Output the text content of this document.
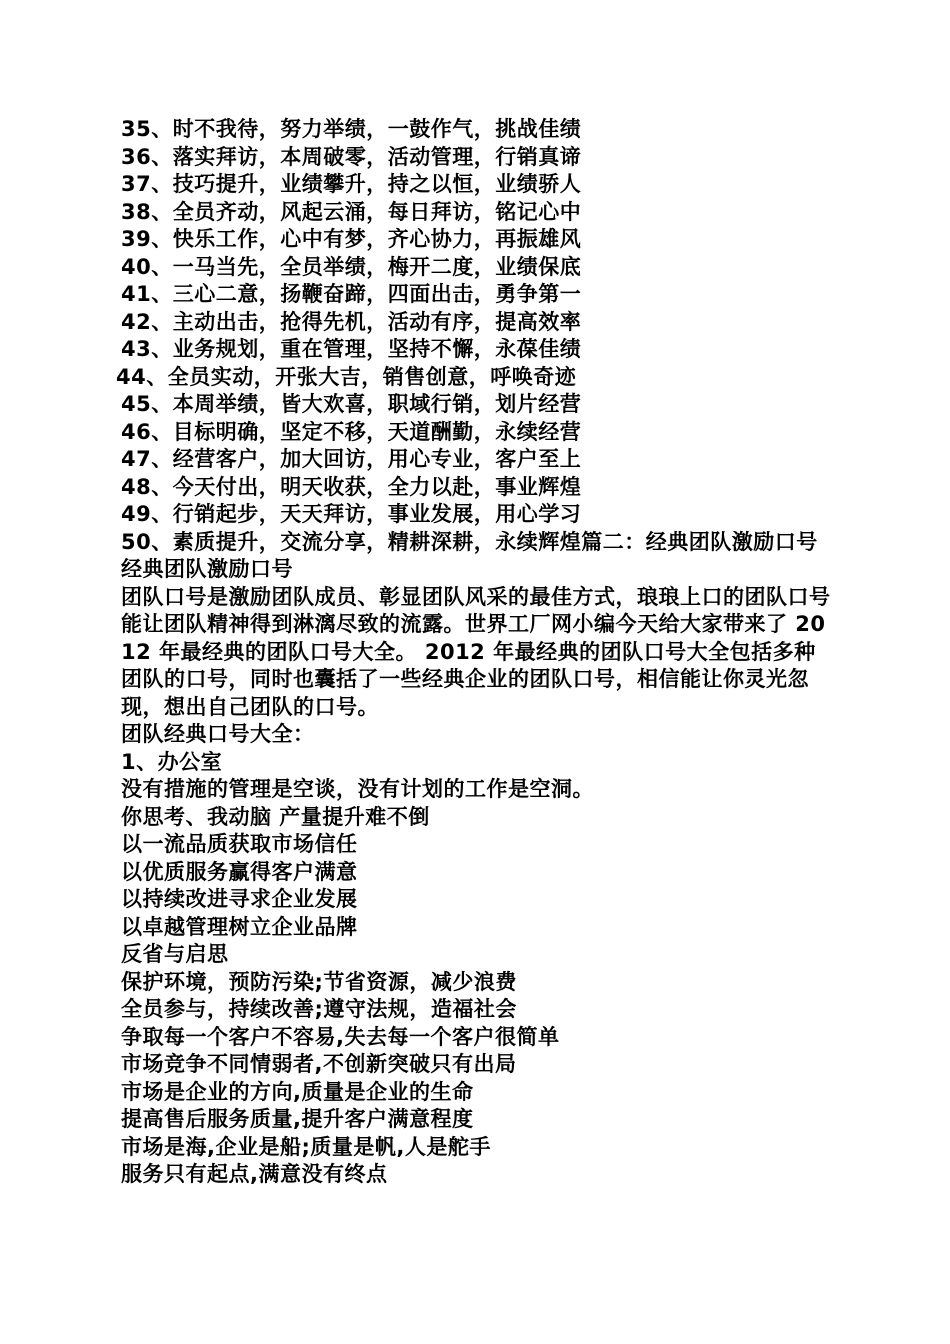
35、时不我待，努力举绩，一鼓作气，挑战佳绩
36、落实拜访，本周破零，活动管理，行销真谛
37、技巧提升，业绩攀升，持之以恒，业绩骄人
38、全员齐动，风起云涌，每日拜访，铭记心中
39、快乐工作，心中有梦，齐心协力，再振雄风
40、一马当先，全员举绩，梅开二度，业绩保底
41、三心二意，扬鞭奋蹄，四面出击，勇争第一
42、主动出击，抢得先机，活动有序，提高效率
43、业务规划，重在管理，坚持不懈，永葆佳绩
44、全员实动，开张大吉，销售创意，呼唤奇迹
45、本周举绩，皆大欢喜，职域行销，划片经营
46、目标明确，坚定不移，天道酬勤，永续经营
47、经营客户，加大回访，用心专业，客户至上
48、今天付出，明天收获，全力以赴，事业辉煌
49、行销起步，天天拜访，事业发展，用心学习
50、素质提升，交流分享，精耕深耕，永续辉煌篇二：经典团队激励口号
经典团队激励口号
团队口号是激励团队成员、彰显团队风采的最佳方式，琅琅上口的团队口号能让团队精神得到淋漓尽致的流露。世界工厂网小编今天给大家带来了 2012 年最经典的团队口号大全。 2012 年最经典的团队口号大全包括多种团队的口号，同时也囊括了一些经典企业的团队口号，相信能让你灵光忽现，想出自己团队的口号。
团队经典口号大全：
1、办公室
没有措施的管理是空谈，没有计划的工作是空洞。
你思考、我动脑 产量提升难不倒
以一流品质获取市场信任
以优质服务赢得客户满意
以持续改进寻求企业发展
以卓越管理树立企业品牌
反省与启思
保护环境，预防污染;节省资源，减少浪费
全员参与，持续改善;遵守法规，造福社会
争取每一个客户不容易,失去每一个客户很简单
市场竞争不同情弱者,不创新突破只有出局
市场是企业的方向,质量是企业的生命
提高售后服务质量,提升客户满意程度
市场是海,企业是船;质量是帆,人是舵手
服务只有起点,满意没有终点
